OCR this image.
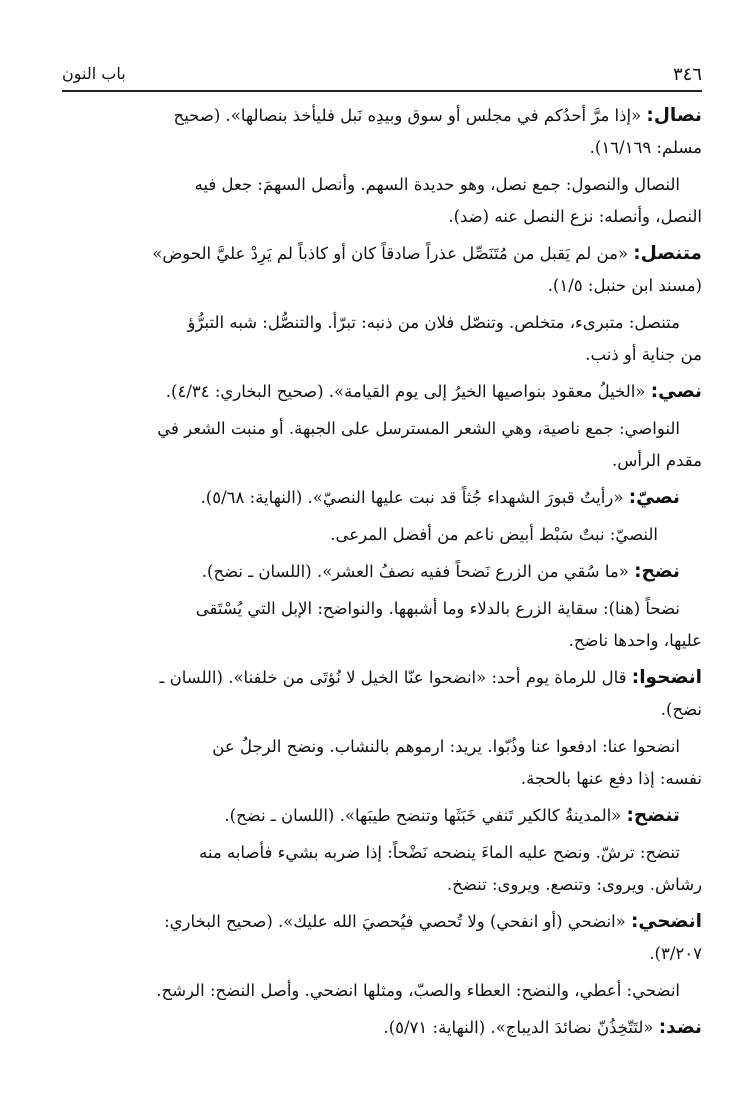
٣٤٦
باب النون

نصال: «إذا مرَّ أحدُكم في مجلس أو سوق وبيدِه نَبل فليأخذ بنصالها». (صحيح

مسلم: ١٦/١٦٩).

النصال والنصول: جمع نصل، وهو حديدة السهم. وأنصل السهمَ: جعل فيه

النصل، وأنصله: نزع النصل عنه (ضد).

متنصل: «من لم يَقبل من مُتَنَصِّل عذراً صادقاً كان أو كاذباً لم يَرِدْ عليَّ الحوض»

(مسند ابن حنبل: ١/٥).

متنصل: متبرىء، متخلص. وتنصّل فلان من ذنبه: تبرّأ. والتنصُّل: شبه التبرُّؤ

من جناية أو ذنب.

نصي: «الخيلُ معقود بنواصيها الخيرُ إلى يوم القيامة». (صحيح البخاري: ٤/٣٤).

النواصي: جمع ناصية، وهي الشعر المسترسل على الجبهة. أو منبت الشعر في

مقدم الرأس.

نصيّ: «رأيتُ قبورَ الشهداء جُثاً قد نبت عليها النصيّ». (النهاية: ٥/٦٨).

النصيّ: نبتٌ سَبْط أبيض ناعم من أفضل المرعى.

نضح: «ما سُقي من الزرع نَضحاً ففيه نصفُ العشر». (اللسان ـ نضح).

نضحاً (هنا): سقاية الزرع بالدلاء وما أشبهها. والنواضح: الإبل التي يُسْتَقى

عليها، واحدها ناضح.

انضحوا: قال للرماة يوم أحد: «انضحوا عنّا الخيل لا نُؤتَى من خلفنا». (اللسان ـ

نضح).

انضحوا عنا: ادفعوا عنا وذُبّوا. يريد: ارموهم بالنشاب. ونضح الرجلُ عن

نفسه: إذا دفع عنها بالحجة.

تنضح: «المدينةُ كالكير تَنفي خَبَثَها وتنضح طيبَها». (اللسان ـ نضح).

تنضح: ترشّ. ونضح عليه الماءَ ينضحه نَضْحاً: إذا ضربه بشيء فأصابه منه

رشاش. ويروى: وتنصع. ويروى: تنضخ.

انضحي: «انضحي (أو انفحي) ولا تُحصي فيُحصيَ الله عليك». (صحيح البخاري:

٣/٢٠٧).

انضحي: أعطي، والنضح: العطاء والصبّ، ومثلها انضحي. وأصل النضح: الرشح.

نضد: «لتَتّخِذُنّ نضائدَ الديباج». (النهاية: ٥/٧١).
